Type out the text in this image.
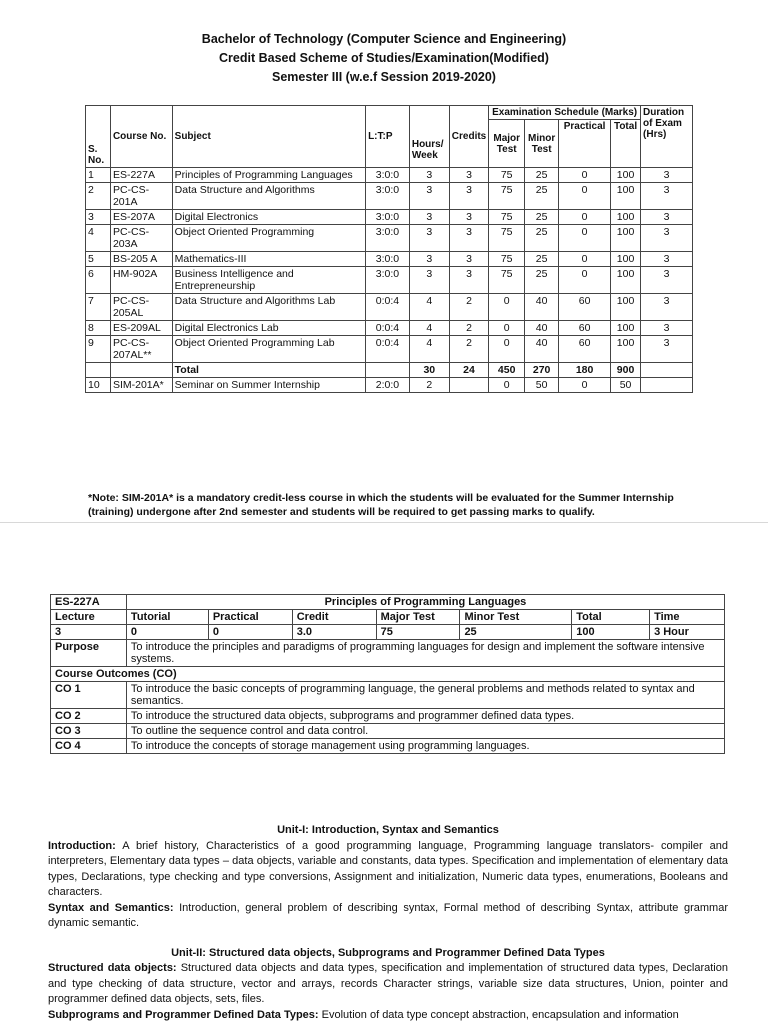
Bachelor of Technology (Computer Science and Engineering)
Credit Based Scheme of Studies/Examination(Modified)
Semester III (w.e.f Session 2019-2020)
S. No.	Course No.	Subject	L:T:P	Hours/ Week	Credits	Examination Schedule (Marks)				Duration of Exam (Hrs)
						Major Test	Minor Test	Practical	Total	
1	ES-227A	Principles of Programming Languages	3:0:0	3	3	75	25	0	100	3
2	PC-CS-201A	Data Structure and Algorithms	3:0:0	3	3	75	25	0	100	3
3	ES-207A	Digital Electronics	3:0:0	3	3	75	25	0	100	3
4	PC-CS-203A	Object Oriented Programming	3:0:0	3	3	75	25	0	100	3
5	BS-205 A	Mathematics-III	3:0:0	3	3	75	25	0	100	3
6	HM-902A	Business Intelligence and Entrepreneurship	3:0:0	3	3	75	25	0	100	3
7	PC-CS-205AL	Data Structure and Algorithms Lab	0:0:4	4	2	0	40	60	100	3
8	ES-209AL	Digital Electronics Lab	0:0:4	4	2	0	40	60	100	3
9	PC-CS-207AL**	Object Oriented Programming Lab	0:0:4	4	2	0	40	60	100	3
		Total		30	24	450	270	180	900	
10	SIM-201A*	Seminar on Summer Internship	2:0:0	2		0	50	0	50	
*Note: SIM-201A* is a mandatory credit-less course in which the students will be evaluated for the Summer Internship (training) undergone after 2nd semester and students will be required to get passing marks to qualify.
ES-227A	Principles of Programming Languages						
Lecture	Tutorial	Practical	Credit	Major Test	Minor Test	Total	Time
3	0	0	3.0	75	25	100	3 Hour
Purpose	To introduce the principles and paradigms of programming languages for design and implement the software intensive systems.						
Course Outcomes (CO)							
CO 1	To introduce the basic concepts of programming language, the general problems and methods related to syntax and semantics.						
CO 2	To introduce the structured data objects, subprograms and programmer defined data types.						
CO 3	To outline the sequence control and data control.						
CO 4	To introduce the concepts of storage management using programming languages.						
Unit-I: Introduction, Syntax and Semantics

Introduction: A brief history, Characteristics of a good programming language, Programming language translators- compiler and interpreters, Elementary data types – data objects, variable and constants, data types. Specification and implementation of elementary data types, Declarations, type checking and type conversions, Assignment and initialization, Numeric data types, enumerations, Booleans and characters.

Syntax and Semantics: Introduction, general problem of describing syntax, Formal method of describing Syntax, attribute grammar dynamic semantic.

Unit-II: Structured data objects, Subprograms and Programmer Defined Data Types

Structured data objects: Structured data objects and data types, specification and implementation of structured data types, Declaration and type checking of data structure, vector and arrays, records Character strings, variable size data structures, Union, pointer and programmer defined data objects, sets, files.

Subprograms and Programmer Defined Data Types: Evolution of data type concept abstraction, encapsulation and information
